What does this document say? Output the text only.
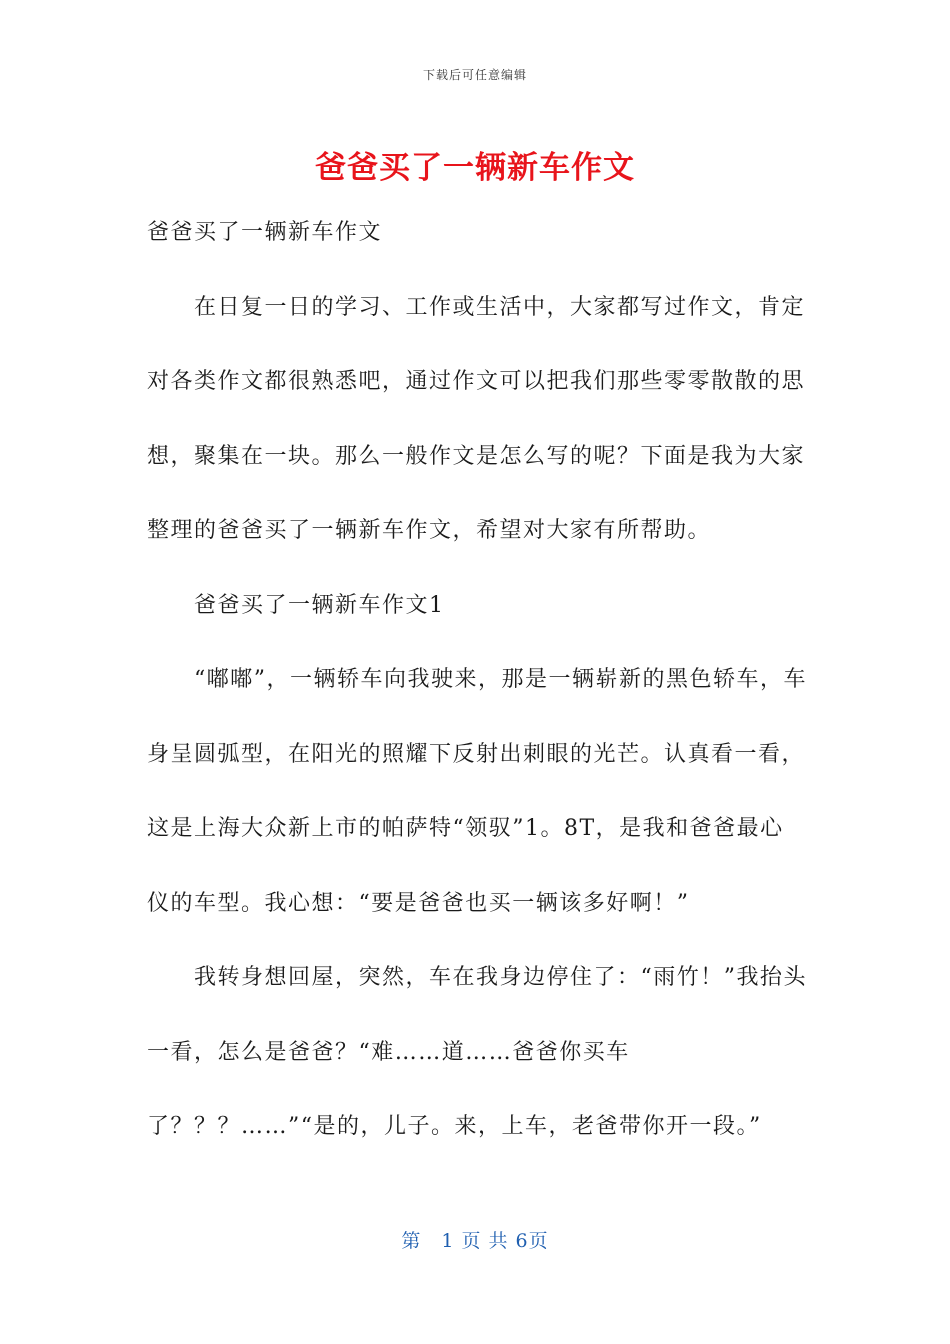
下载后可任意编辑
爸爸买了一辆新车作文

爸爸买了一辆新车作文

在日复一日的学习、工作或生活中，大家都写过作文，肯定对各类作文都很熟悉吧，通过作文可以把我们那些零零散散的思想，聚集在一块。那么一般作文是怎么写的呢？下面是我为大家整理的爸爸买了一辆新车作文，希望对大家有所帮助。

爸爸买了一辆新车作文1

“嘟嘟”，一辆轿车向我驶来，那是一辆崭新的黑色轿车，车身呈圆弧型，在阳光的照耀下反射出刺眼的光芒。认真看一看，这是上海大众新上市的帕萨特“领驭”1。8T，是我和爸爸最心仪的车型。我心想：“要是爸爸也买一辆该多好啊！”

我转身想回屋，突然，车在我身边停住了：“雨竹！”我抬头一看，怎么是爸爸？“难……道……爸爸你买车了？？？……”“是的，儿子。来，上车，老爸带你开一段。”

第　1 页 共 6页
